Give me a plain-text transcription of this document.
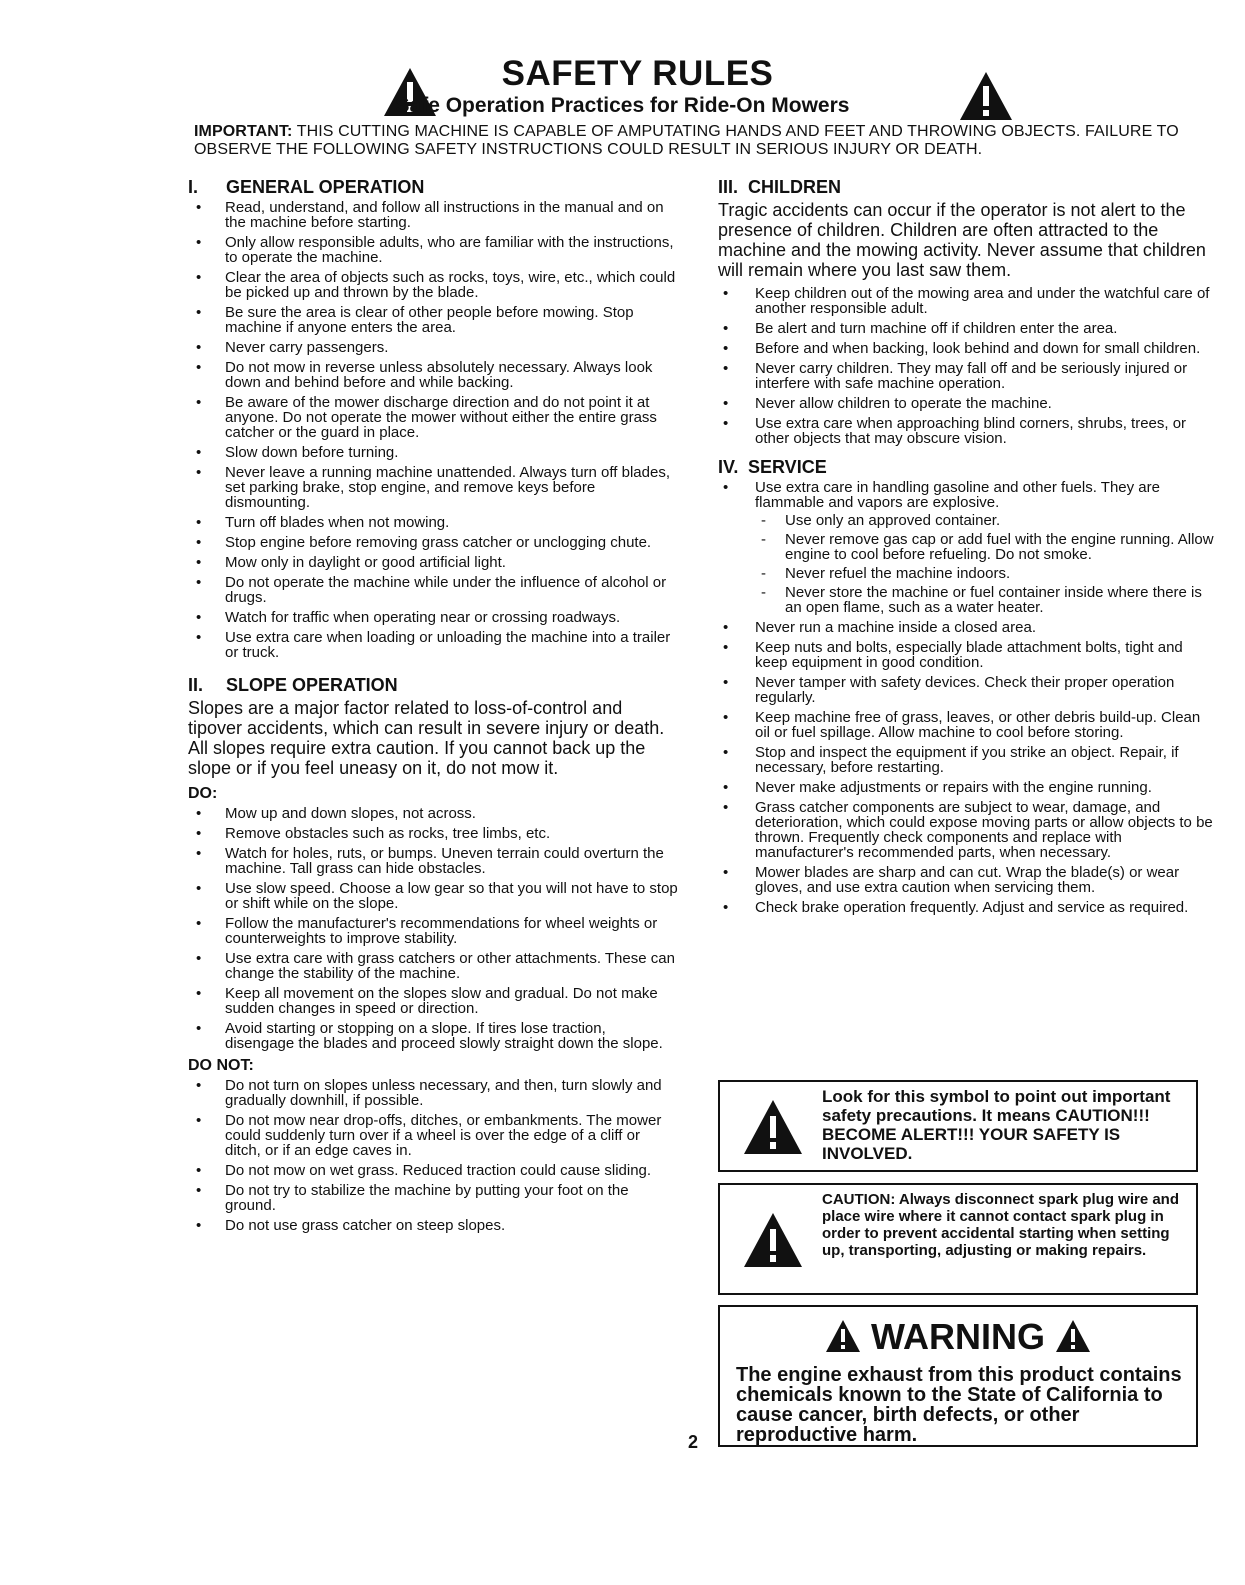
SAFETY RULES
Safe Operation Practices for Ride-On Mowers
IMPORTANT: THIS CUTTING MACHINE IS CAPABLE OF AMPUTATING HANDS AND FEET AND THROWING OBJECTS. FAILURE TO OBSERVE THE FOLLOWING SAFETY INSTRUCTIONS COULD RESULT IN SERIOUS INJURY OR DEATH.
I. GENERAL OPERATION
• Read, understand, and follow all instructions in the manual and on the machine before starting.
• Only allow responsible adults, who are familiar with the instructions, to operate the machine.
• Clear the area of objects such as rocks, toys, wire, etc., which could be picked up and thrown by the blade.
• Be sure the area is clear of other people before mowing. Stop machine if anyone enters the area.
• Never carry passengers.
• Do not mow in reverse unless absolutely necessary. Always look down and behind before and while backing.
• Be aware of the mower discharge direction and do not point it at anyone. Do not operate the mower without either the entire grass catcher or the guard in place.
• Slow down before turning.
• Never leave a running machine unattended. Always turn off blades, set parking brake, stop engine, and remove keys before dismounting.
• Turn off blades when not mowing.
• Stop engine before removing grass catcher or unclogging chute.
• Mow only in daylight or good artificial light.
• Do not operate the machine while under the influence of alcohol or drugs.
• Watch for traffic when operating near or crossing roadways.
• Use extra care when loading or unloading the machine into a trailer or truck.
II. SLOPE OPERATION
Slopes are a major factor related to loss-of-control and tipover accidents, which can result in severe injury or death. All slopes require extra caution. If you cannot back up the slope or if you feel uneasy on it, do not mow it.
DO:
• Mow up and down slopes, not across.
• Remove obstacles such as rocks, tree limbs, etc.
• Watch for holes, ruts, or bumps. Uneven terrain could overturn the machine. Tall grass can hide obstacles.
• Use slow speed. Choose a low gear so that you will not have to stop or shift while on the slope.
• Follow the manufacturer's recommendations for wheel weights or counterweights to improve stability.
• Use extra care with grass catchers or other attachments. These can change the stability of the machine.
• Keep all movement on the slopes slow and gradual. Do not make sudden changes in speed or direction.
• Avoid starting or stopping on a slope. If tires lose traction, disengage the blades and proceed slowly straight down the slope.
DO NOT:
• Do not turn on slopes unless necessary, and then, turn slowly and gradually downhill, if possible.
• Do not mow near drop-offs, ditches, or embankments. The mower could suddenly turn over if a wheel is over the edge of a cliff or ditch, or if an edge caves in.
• Do not mow on wet grass. Reduced traction could cause sliding.
• Do not try to stabilize the machine by putting your foot on the ground.
• Do not use grass catcher on steep slopes.
III. CHILDREN
Tragic accidents can occur if the operator is not alert to the presence of children. Children are often attracted to the machine and the mowing activity. Never assume that children will remain where you last saw them.
• Keep children out of the mowing area and under the watchful care of another responsible adult.
• Be alert and turn machine off if children enter the area.
• Before and when backing, look behind and down for small children.
• Never carry children. They may fall off and be seriously injured or interfere with safe machine operation.
• Never allow children to operate the machine.
• Use extra care when approaching blind corners, shrubs, trees, or other objects that may obscure vision.
IV. SERVICE
• Use extra care in handling gasoline and other fuels. They are flammable and vapors are explosive.
- Use only an approved container.
- Never remove gas cap or add fuel with the engine running. Allow engine to cool before refueling. Do not smoke.
- Never refuel the machine indoors.
- Never store the machine or fuel container inside where there is an open flame, such as a water heater.
• Never run a machine inside a closed area.
• Keep nuts and bolts, especially blade attachment bolts, tight and keep equipment in good condition.
• Never tamper with safety devices. Check their proper operation regularly.
• Keep machine free of grass, leaves, or other debris build-up. Clean oil or fuel spillage. Allow machine to cool before storing.
• Stop and inspect the equipment if you strike an object. Repair, if necessary, before restarting.
• Never make adjustments or repairs with the engine running.
• Grass catcher components are subject to wear, damage, and deterioration, which could expose moving parts or allow objects to be thrown. Frequently check components and replace with manufacturer's recommended parts, when necessary.
• Mower blades are sharp and can cut. Wrap the blade(s) or wear gloves, and use extra caution when servicing them.
• Check brake operation frequently. Adjust and service as required.
Look for this symbol to point out important safety precautions. It means CAUTION!!! BECOME ALERT!!! YOUR SAFETY IS INVOLVED.
CAUTION: Always disconnect spark plug wire and place wire where it cannot contact spark plug in order to prevent accidental starting when setting up, transporting, adjusting or making repairs.
WARNING
The engine exhaust from this product contains chemicals known to the State of California to cause cancer, birth defects, or other reproductive harm.
2
